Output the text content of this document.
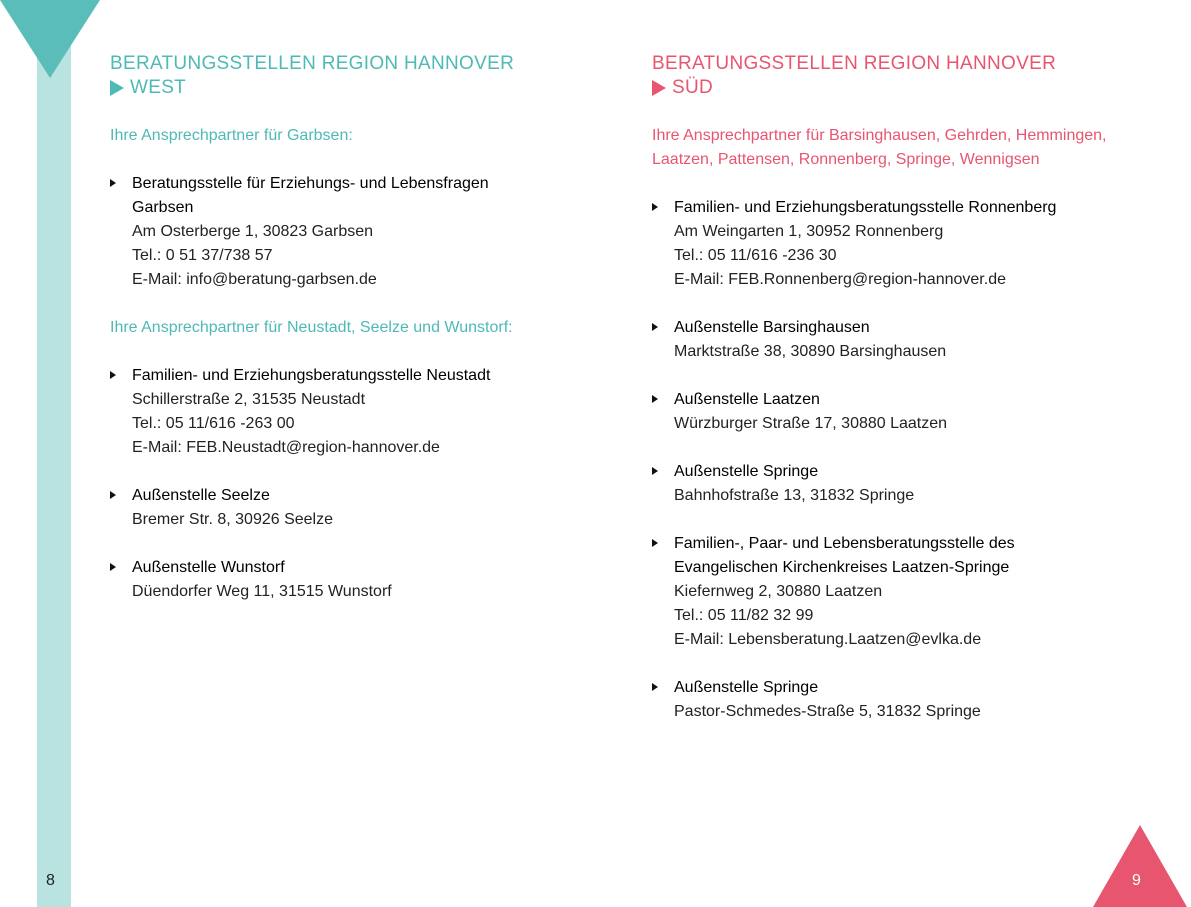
8	9
BERATUNGSSTELLEN REGION HANNOVER
WEST
Ihre Ansprechpartner für Garbsen:
Beratungsstelle für Erziehungs- und Lebensfragen
Garbsen
Am Osterberge 1, 30823 Garbsen
Tel.: 0 51 37/738 57
E-Mail: info@beratung-garbsen.de
Ihre Ansprechpartner für Neustadt, Seelze und Wunstorf:
Familien- und Erziehungsberatungsstelle Neustadt
Schillerstraße 2, 31535 Neustadt
Tel.: 05 11/616 -263 00
E-Mail: FEB.Neustadt@region-hannover.de
Außenstelle Seelze
Bremer Str. 8, 30926 Seelze
Außenstelle Wunstorf
Düendorfer Weg 11, 31515 Wunstorf
BERATUNGSSTELLEN REGION HANNOVER
SÜD
Ihre Ansprechpartner für Barsinghausen, Gehrden, Hemmingen,
Laatzen, Pattensen, Ronnenberg, Springe, Wennigsen
Familien- und Erziehungsberatungsstelle Ronnenberg
Am Weingarten 1, 30952 Ronnenberg
Tel.: 05 11/616 -236 30
E-Mail: FEB.Ronnenberg@region-hannover.de
Außenstelle Barsinghausen
Marktstraße 38, 30890 Barsinghausen
Außenstelle Laatzen
Würzburger Straße 17, 30880 Laatzen
Außenstelle Springe
Bahnhofstraße 13, 31832 Springe
Familien-, Paar- und Lebensberatungsstelle des
Evangelischen Kirchenkreises Laatzen-Springe
Kiefernweg 2, 30880 Laatzen
Tel.: 05 11/82 32 99
E-Mail: Lebensberatung.Laatzen@evlka.de
Außenstelle Springe
Pastor-Schmedes-Straße 5, 31832 Springe
